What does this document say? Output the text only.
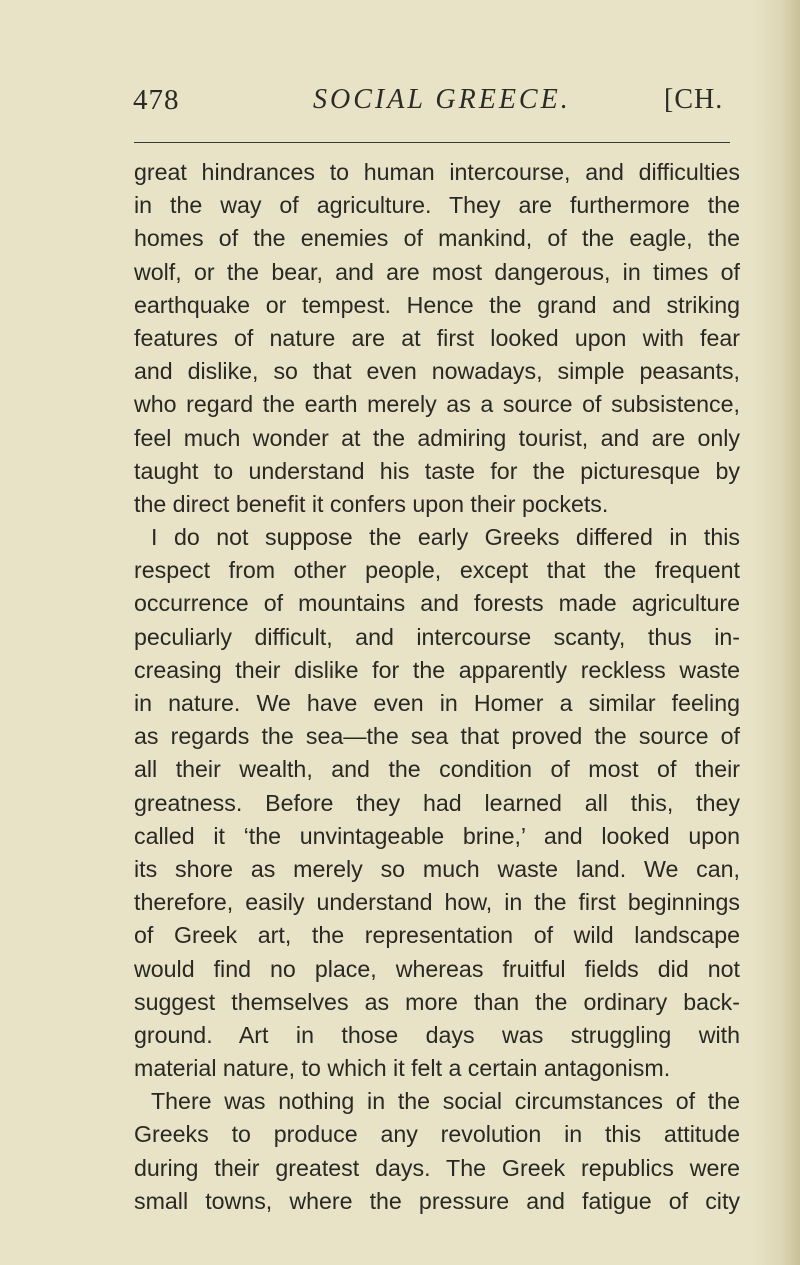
478	SOCIAL GREECE.	[CH.
great hindrances to human intercourse, and difficulties
in the way of agriculture. They are furthermore the
homes of the enemies of mankind, of the eagle, the
wolf, or the bear, and are most dangerous, in times of
earthquake or tempest. Hence the grand and striking
features of nature are at first looked upon with fear
and dislike, so that even nowadays, simple peasants,
who regard the earth merely as a source of subsistence,
feel much wonder at the admiring tourist, and are only
taught to understand his taste for the picturesque by
the direct benefit it confers upon their pockets.
I do not suppose the early Greeks differed in this
respect from other people, except that the frequent
occurrence of mountains and forests made agriculture
peculiarly difficult, and intercourse scanty, thus in-
creasing their dislike for the apparently reckless waste
in nature. We have even in Homer a similar feeling
as regards the sea—the sea that proved the source of
all their wealth, and the condition of most of their
greatness. Before they had learned all this, they
called it ‘the unvintageable brine,’ and looked upon
its shore as merely so much waste land. We can,
therefore, easily understand how, in the first beginnings
of Greek art, the representation of wild landscape
would find no place, whereas fruitful fields did not
suggest themselves as more than the ordinary back-
ground. Art in those days was struggling with
material nature, to which it felt a certain antagonism.
There was nothing in the social circumstances of the
Greeks to produce any revolution in this attitude
during their greatest days. The Greek republics were
small towns, where the pressure and fatigue of city
